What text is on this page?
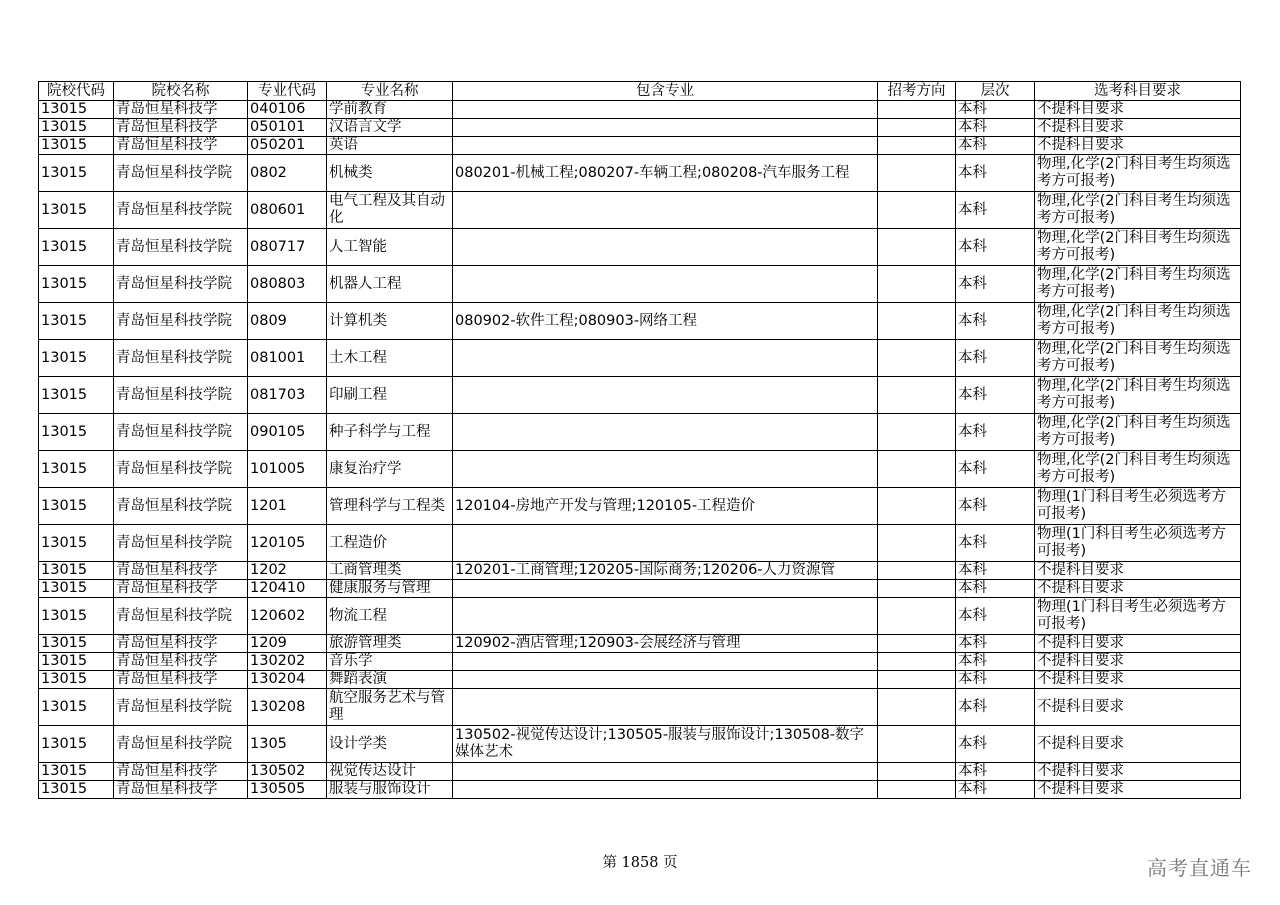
院校代码	院校名称	专业代码	专业名称	包含专业	招考方向	层次	选考科目要求

13015	青岛恒星科技学	040106	学前教育			本科	不提科目要求

13015	青岛恒星科技学	050101	汉语言文学			本科	不提科目要求

13015	青岛恒星科技学	050201	英语			本科	不提科目要求

13015	青岛恒星科技学院	0802	机械类	080201-机械工程;080207-车辆工程;080208-汽车服务工程		本科	物理,化学(2门科目考生均须选考方可报考)

13015	青岛恒星科技学院	080601	电气工程及其自动化			本科	物理,化学(2门科目考生均须选考方可报考)

13015	青岛恒星科技学院	080717	人工智能			本科	物理,化学(2门科目考生均须选考方可报考)

13015	青岛恒星科技学院	080803	机器人工程			本科	物理,化学(2门科目考生均须选考方可报考)

13015	青岛恒星科技学院	0809	计算机类	080902-软件工程;080903-网络工程		本科	物理,化学(2门科目考生均须选考方可报考)

13015	青岛恒星科技学院	081001	土木工程			本科	物理,化学(2门科目考生均须选考方可报考)

13015	青岛恒星科技学院	081703	印刷工程			本科	物理,化学(2门科目考生均须选考方可报考)

13015	青岛恒星科技学院	090105	种子科学与工程			本科	物理,化学(2门科目考生均须选考方可报考)

13015	青岛恒星科技学院	101005	康复治疗学			本科	物理,化学(2门科目考生均须选考方可报考)

13015	青岛恒星科技学院	1201	管理科学与工程类	120104-房地产开发与管理;120105-工程造价		本科	物理(1门科目考生必须选考方可报考)

13015	青岛恒星科技学院	120105	工程造价			本科	物理(1门科目考生必须选考方可报考)

13015	青岛恒星科技学	1202	工商管理类	120201-工商管理;120205-国际商务;120206-人力资源管		本科	不提科目要求

13015	青岛恒星科技学	120410	健康服务与管理			本科	不提科目要求

13015	青岛恒星科技学院	120602	物流工程			本科	物理(1门科目考生必须选考方可报考)

13015	青岛恒星科技学	1209	旅游管理类	120902-酒店管理;120903-会展经济与管理		本科	不提科目要求

13015	青岛恒星科技学	130202	音乐学			本科	不提科目要求

13015	青岛恒星科技学	130204	舞蹈表演			本科	不提科目要求

13015	青岛恒星科技学院	130208	航空服务艺术与管理			本科	不提科目要求

13015	青岛恒星科技学院	1305	设计学类	130502-视觉传达设计;130505-服装与服饰设计;130508-数字媒体艺术		本科	不提科目要求

13015	青岛恒星科技学	130502	视觉传达设计			本科	不提科目要求

13015	青岛恒星科技学	130505	服装与服饰设计			本科	不提科目要求
第 1858 页	高考直通车
